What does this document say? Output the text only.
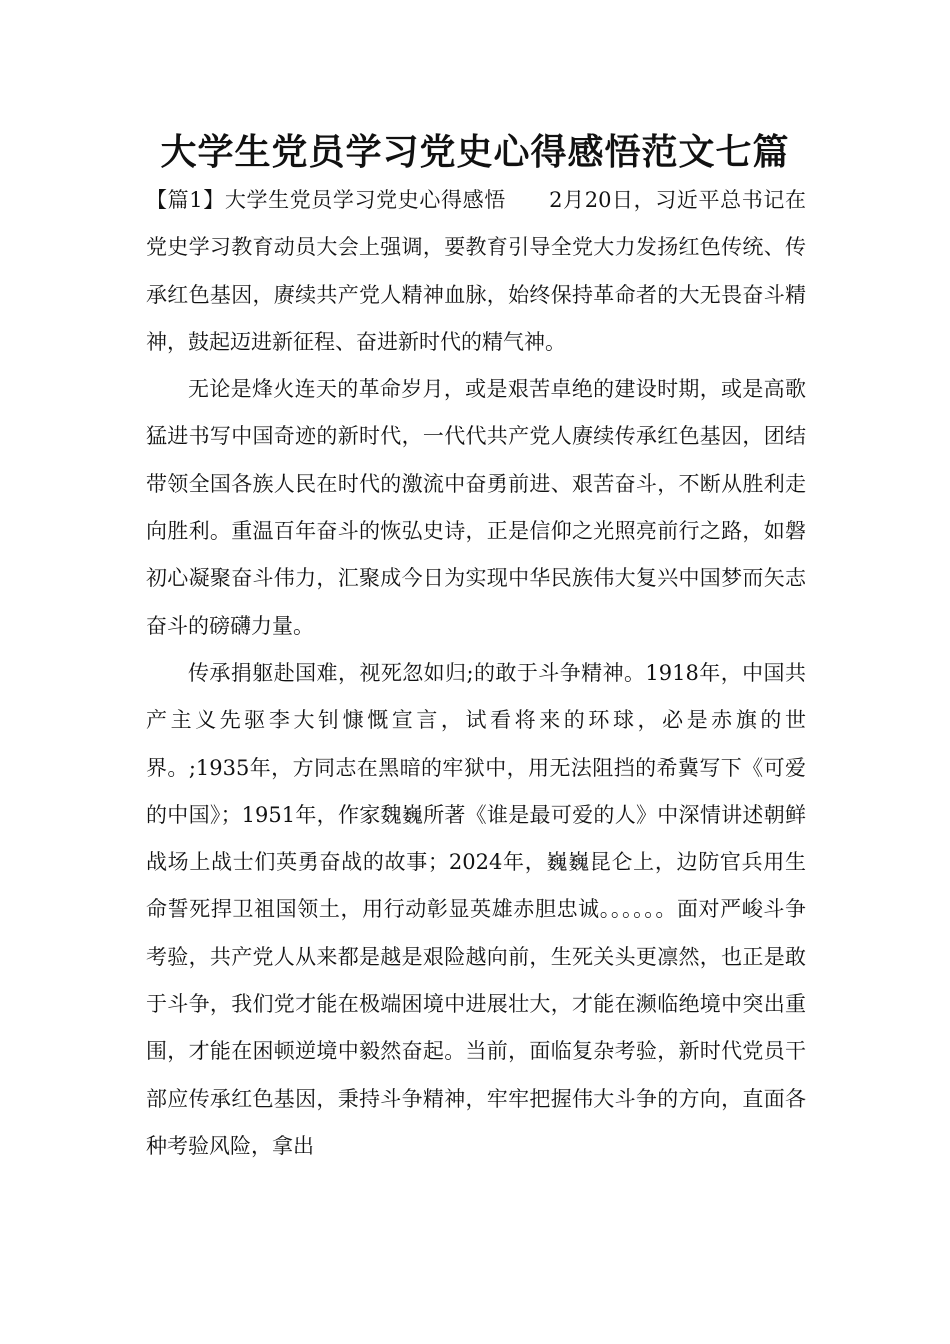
大学生党员学习党史心得感悟范文七篇

【篇1】大学生党员学习党史心得感悟　　2月20日，习近平总书记在党史学习教育动员大会上强调，要教育引导全党大力发扬红色传统、传承红色基因，赓续共产党人精神血脉，始终保持革命者的大无畏奋斗精神，鼓起迈进新征程、奋进新时代的精气神。

无论是烽火连天的革命岁月，或是艰苦卓绝的建设时期，或是高歌猛进书写中国奇迹的新时代，一代代共产党人赓续传承红色基因，团结带领全国各族人民在时代的激流中奋勇前进、艰苦奋斗，不断从胜利走向胜利。重温百年奋斗的恢弘史诗，正是信仰之光照亮前行之路，如磐初心凝聚奋斗伟力，汇聚成今日为实现中华民族伟大复兴中国梦而矢志奋斗的磅礴力量。

传承捐躯赴国难，视死忽如归;的敢于斗争精神。1918年，中国共产主义先驱李大钊慷慨宣言，试看将来的环球，必是赤旗的世界。;1935年，方同志在黑暗的牢狱中，用无法阻挡的希冀写下《可爱的中国》；1951年，作家魏巍所著《谁是最可爱的人》中深情讲述朝鲜战场上战士们英勇奋战的故事；2024年，巍巍昆仑上，边防官兵用生命誓死捍卫祖国领土，用行动彰显英雄赤胆忠诚。。。。。。面对严峻斗争考验，共产党人从来都是越是艰险越向前，生死关头更凛然，也正是敢于斗争，我们党才能在极端困境中进展壮大，才能在濒临绝境中突出重围，才能在困顿逆境中毅然奋起。当前，面临复杂考验，新时代党员干部应传承红色基因，秉持斗争精神，牢牢把握伟大斗争的方向，直面各种考验风险，拿出
